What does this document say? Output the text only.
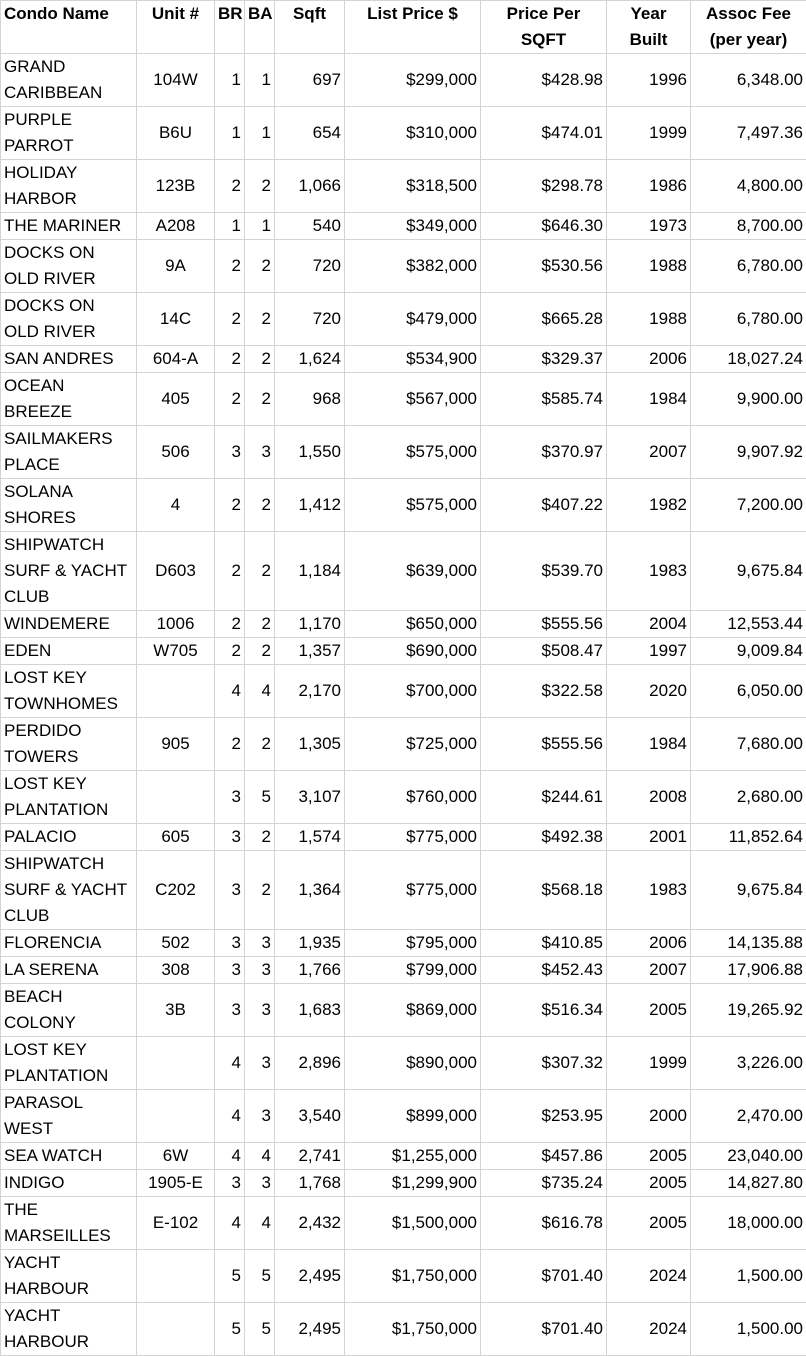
Condo Name	Unit #	BR	BA	Sqft	List Price $	Price Per SQFT	Year Built	Assoc Fee (per year)
GRAND CARIBBEAN	104W	1	1	697	$299,000	$428.98	1996	6,348.00
PURPLE PARROT	B6U	1	1	654	$310,000	$474.01	1999	7,497.36
HOLIDAY HARBOR	123B	2	2	1,066	$318,500	$298.78	1986	4,800.00
THE MARINER	A208	1	1	540	$349,000	$646.30	1973	8,700.00
DOCKS ON OLD RIVER	9A	2	2	720	$382,000	$530.56	1988	6,780.00
DOCKS ON OLD RIVER	14C	2	2	720	$479,000	$665.28	1988	6,780.00
SAN ANDRES	604-A	2	2	1,624	$534,900	$329.37	2006	18,027.24
OCEAN BREEZE	405	2	2	968	$567,000	$585.74	1984	9,900.00
SAILMAKERS PLACE	506	3	3	1,550	$575,000	$370.97	2007	9,907.92
SOLANA SHORES	4	2	2	1,412	$575,000	$407.22	1982	7,200.00
SHIPWATCH SURF & YACHT CLUB	D603	2	2	1,184	$639,000	$539.70	1983	9,675.84
WINDEMERE	1006	2	2	1,170	$650,000	$555.56	2004	12,553.44
EDEN	W705	2	2	1,357	$690,000	$508.47	1997	9,009.84
LOST KEY TOWNHOMES		4	4	2,170	$700,000	$322.58	2020	6,050.00
PERDIDO TOWERS	905	2	2	1,305	$725,000	$555.56	1984	7,680.00
LOST KEY PLANTATION		3	5	3,107	$760,000	$244.61	2008	2,680.00
PALACIO	605	3	2	1,574	$775,000	$492.38	2001	11,852.64
SHIPWATCH SURF & YACHT CLUB	C202	3	2	1,364	$775,000	$568.18	1983	9,675.84
FLORENCIA	502	3	3	1,935	$795,000	$410.85	2006	14,135.88
LA SERENA	308	3	3	1,766	$799,000	$452.43	2007	17,906.88
BEACH COLONY	3B	3	3	1,683	$869,000	$516.34	2005	19,265.92
LOST KEY PLANTATION		4	3	2,896	$890,000	$307.32	1999	3,226.00
PARASOL WEST		4	3	3,540	$899,000	$253.95	2000	2,470.00
SEA WATCH	6W	4	4	2,741	$1,255,000	$457.86	2005	23,040.00
INDIGO	1905-E	3	3	1,768	$1,299,900	$735.24	2005	14,827.80
THE MARSEILLES	E-102	4	4	2,432	$1,500,000	$616.78	2005	18,000.00
YACHT HARBOUR		5	5	2,495	$1,750,000	$701.40	2024	1,500.00
YACHT HARBOUR		5	5	2,495	$1,750,000	$701.40	2024	1,500.00
